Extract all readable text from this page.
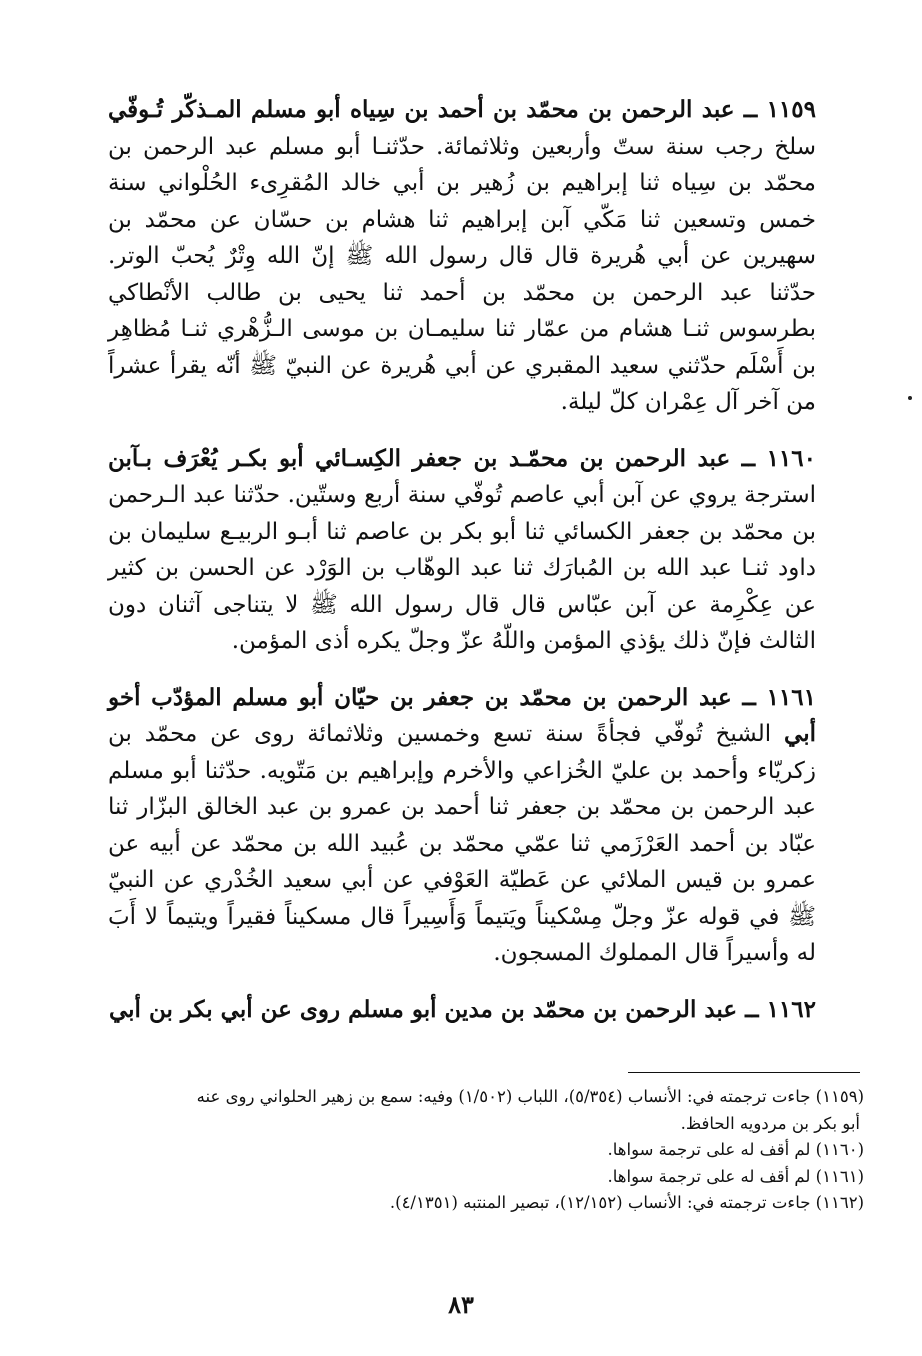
١١٥٩ ــ عبد الرحمن بن محمّد بن أحمد بن سِياه أبو مسلم المـذكّر تُـوفّي سلخ رجب سنة ستّ وأربعين وثلاثمائة. حدّثنـا أبو مسلم عبد الرحمن بن محمّد بن سِياه ثنا إبراهيم بن زُهير بن أبي خالد المُقرِىء الحُلْواني سنة خمس وتسعين ثنا مَكّي آبن إبراهيم ثنا هشام بن حسّان عن محمّد بن سهيرين عن أبي هُريرة قال قال رسول الله ﷺ إنّ الله وِتْرٌ يُحبّ الوتر. حدّثنا عبد الرحمن بن محمّد بن أحمد ثنا يحيى بن طالب الأنْطاكي بطرسوس ثنـا هشام من عمّار ثنا سليمـان بن موسى الـزُّهْري ثنـا مُظاهِر بن أَسْلَم حدّثني سعيد المقبري عن أبي هُريرة عن النبيّ ﷺ أنّه يقرأ عشراً من آخر آل عِمْران كلّ ليلة.

١١٦٠ ــ عبد الرحمن بن محمّـد بن جعفر الكِسـائي أبو بكـر يُعْرَف بـآبن استرجة يروي عن آبن أبي عاصم تُوفّي سنة أربع وستّين. حدّثنا عبد الـرحمن بن محمّد بن جعفر الكسائي ثنا أبو بكر بن عاصم ثنا أبـو الربيـع سليمان بن داود ثنـا عبد الله بن المُبارَك ثنا عبد الوهّاب بن الوَرْد عن الحسن بن كثير عن عِكْرِمة عن آبن عبّاس قال قال رسول الله ﷺ لا يتناجى آثنان دون الثالث فإنّ ذلك يؤذي المؤمن واللّهُ عزّ وجلّ يكره أذى المؤمن.

١١٦١ ــ عبد الرحمن بن محمّد بن جعفر بن حيّان أبو مسلم المؤدّب أخو أبي الشيخ تُوفّي فجأةً سنة تسع وخمسين وثلاثمائة روى عن محمّد بن زكريّاء وأحمد بن عليّ الخُزاعي والأخرم وإبراهيم بن مَتّويه. حدّثنا أبو مسلم عبد الرحمن بن محمّد بن جعفر ثنا أحمد بن عمرو بن عبد الخالق البزّار ثنا عبّاد بن أحمد العَرْزَمي ثنا عمّي محمّد بن عُبيد الله بن محمّد عن أبيه عن عمرو بن قيس الملائي عن عَطيّة العَوْفي عن أبي سعيد الخُدْري عن النبيّ ﷺ في قوله عزّ وجلّ مِسْكيناً ويَتيماً وَأَسِيراً قال مسكيناً فقيراً ويتيماً لا أَبَ له وأسيراً قال المملوك المسجون.

١١٦٢ ــ عبد الرحمن بن محمّد بن مدين أبو مسلم روى عن أبي بكر بن أبي

(١١٥٩) جاءت ترجمته في: الأنساب (٥/٣٥٤)، اللباب (١/٥٠٢) وفيه: سمع بن زهير الحلواني روى عنه
أبو بكر بن مردويه الحافظ.

(١١٦٠) لم أقف له على ترجمة سواها.

(١١٦١) لم أقف له على ترجمة سواها.

(١١٦٢) جاءت ترجمته في: الأنساب (١٢/١٥٢)، تبصير المنتبه (٤/١٣٥١).

٨٣
